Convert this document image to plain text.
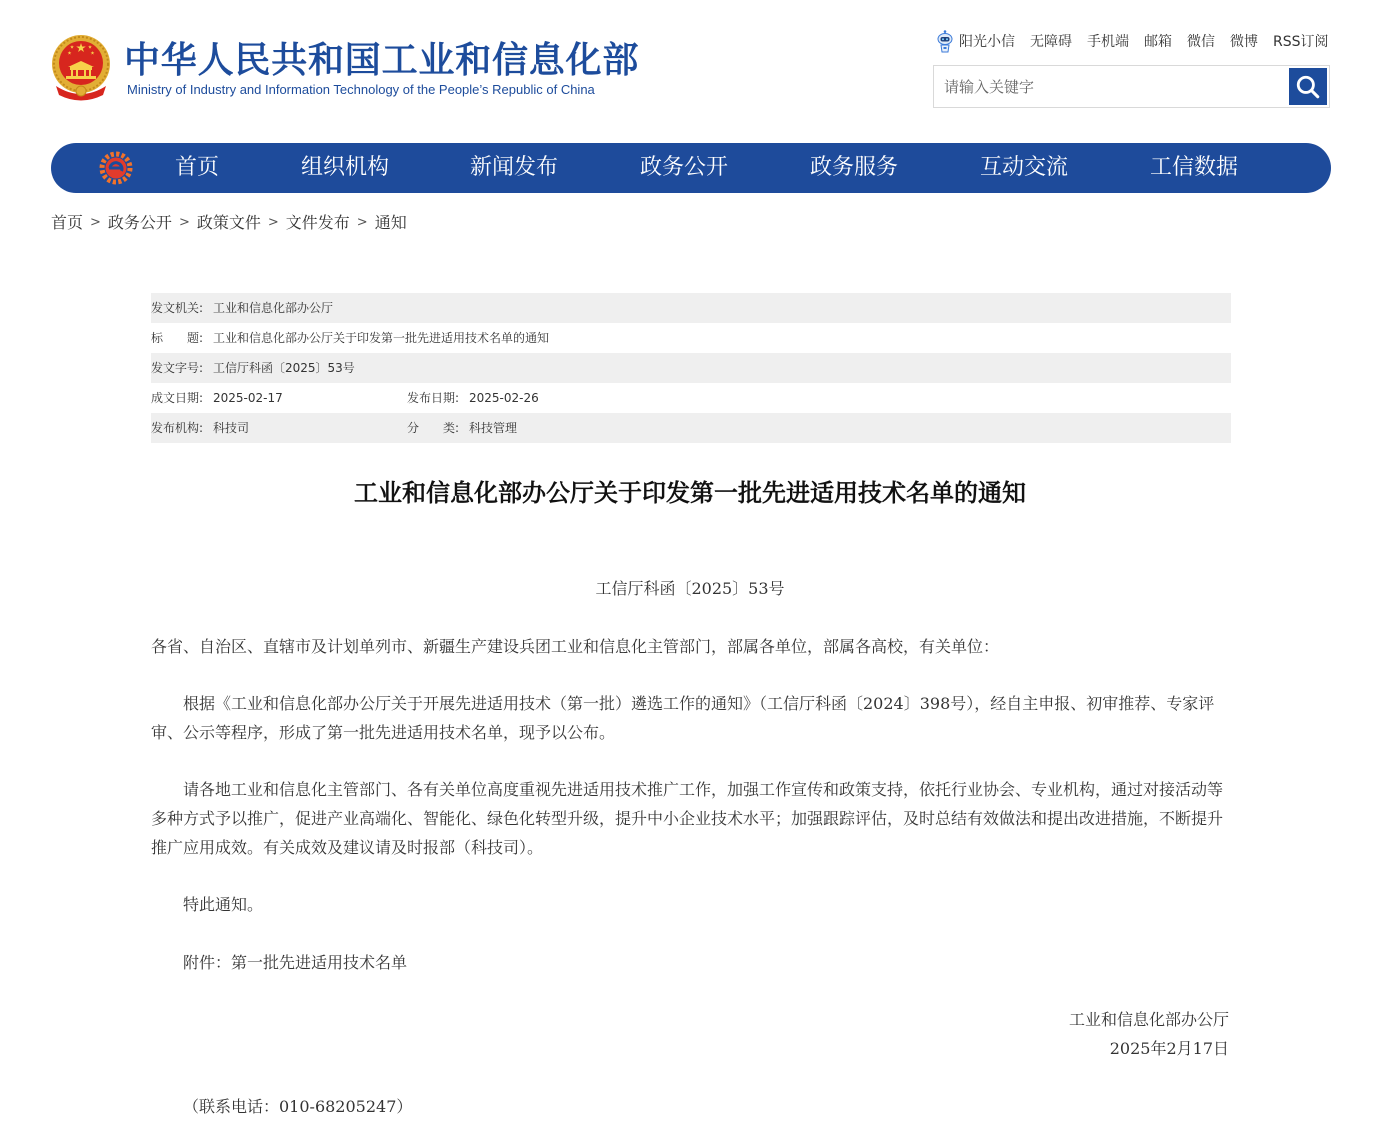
中华人民共和国工业和信息化部
Ministry of Industry and Information Technology of the People’s Republic of China
阳光小信 无障碍 手机端 邮箱 微信 微博 RSS订阅
请输入关键字
首页	组织机构	新闻发布	政务公开	政务服务	互动交流	工信数据
首页 > 政务公开 > 政策文件 > 文件发布 > 通知
发文机关: 工业和信息化部办公厅
标　　题: 工业和信息化部办公厅关于印发第一批先进适用技术名单的通知
发文字号: 工信厅科函〔2025〕53号
成文日期: 2025-02-17	发布日期: 2025-02-26
发布机构: 科技司	分　　类: 科技管理
工业和信息化部办公厅关于印发第一批先进适用技术名单的通知

工信厅科函〔2025〕53号

各省、自治区、直辖市及计划单列市、新疆生产建设兵团工业和信息化主管部门，部属各单位，部属各高校，有关单位：

根据《工业和信息化部办公厅关于开展先进适用技术（第一批）遴选工作的通知》（工信厅科函〔2024〕398号），经自主申报、初审推荐、专家评审、公示等程序，形成了第一批先进适用技术名单，现予以公布。

请各地工业和信息化主管部门、各有关单位高度重视先进适用技术推广工作，加强工作宣传和政策支持，依托行业协会、专业机构，通过对接活动等多种方式予以推广，促进产业高端化、智能化、绿色化转型升级，提升中小企业技术水平；加强跟踪评估，及时总结有效做法和提出改进措施，不断提升推广应用成效。有关成效及建议请及时报部（科技司）。

特此通知。

附件：第一批先进适用技术名单

工业和信息化部办公厅
2025年2月17日

（联系电话：010-68205247）
